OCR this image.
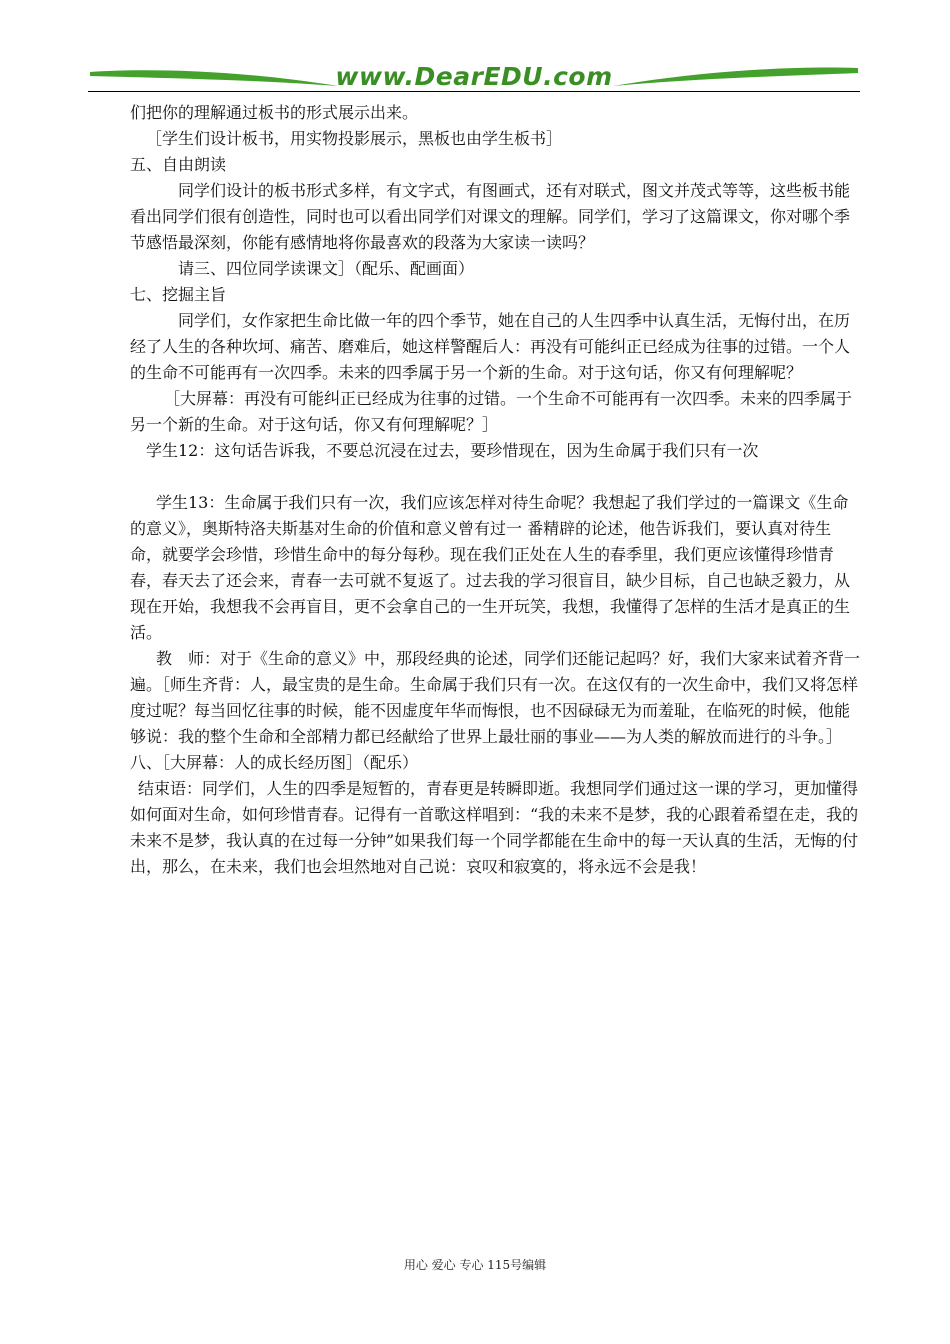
www.DearEDU.com

们把你的理解通过板书的形式展示出来。

［学生们设计板书，用实物投影展示，黑板也由学生板书］

五、自由朗读

同学们设计的板书形式多样，有文字式，有图画式，还有对联式，图文并茂式等等，这些板书能看出同学们很有创造性，同时也可以看出同学们对课文的理解。同学们，学习了这篇课文，你对哪个季节感悟最深刻，你能有感情地将你最喜欢的段落为大家读一读吗？

请三、四位同学读课文］（配乐、配画面）

七、挖掘主旨

同学们，女作家把生命比做一年的四个季节，她在自己的人生四季中认真生活，无悔付出，在历经了人生的各种坎坷、痛苦、磨难后，她这样警醒后人：再没有可能纠正已经成为往事的过错。一个人的生命不可能再有一次四季。未来的四季属于另一个新的生命。对于这句话，你又有何理解呢？

［大屏幕：再没有可能纠正已经成为往事的过错。一个生命不可能再有一次四季。未来的四季属于另一个新的生命。对于这句话，你又有何理解呢？］

学生12：这句话告诉我，不要总沉浸在过去，要珍惜现在，因为生命属于我们只有一次

学生13：生命属于我们只有一次，我们应该怎样对待生命呢？我想起了我们学过的一篇课文《生命的意义》，奥斯特洛夫斯基对生命的价值和意义曾有过一 番精辟的论述，他告诉我们，要认真对待生命，就要学会珍惜，珍惜生命中的每分每秒。现在我们正处在人生的春季里，我们更应该懂得珍惜青春，春天去了还会来，青春一去可就不复返了。过去我的学习很盲目，缺少目标，自己也缺乏毅力，从现在开始，我想我不会再盲目，更不会拿自己的一生开玩笑，我想，我懂得了怎样的生活才是真正的生活。

教　师：对于《生命的意义》中，那段经典的论述，同学们还能记起吗？好，我们大家来试着齐背一遍。［师生齐背：人，最宝贵的是生命。生命属于我们只有一次。在这仅有的一次生命中，我们又将怎样度过呢？每当回忆往事的时候，能不因虚度年华而悔恨，也不因碌碌无为而羞耻，在临死的时候，他能够说：我的整个生命和全部精力都已经献给了世界上最壮丽的事业——为人类的解放而进行的斗争。］

八、［大屏幕：人的成长经历图］（配乐）

结束语：同学们，人生的四季是短暂的，青春更是转瞬即逝。我想同学们通过这一课的学习，更加懂得如何面对生命，如何珍惜青春。记得有一首歌这样唱到：“我的未来不是梦，我的心跟着希望在走，我的未来不是梦，我认真的在过每一分钟”如果我们每一个同学都能在生命中的每一天认真的生活，无悔的付出，那么，在未来，我们也会坦然地对自己说：哀叹和寂寞的，将永远不会是我！

用心 爱心 专心 115号编辑
